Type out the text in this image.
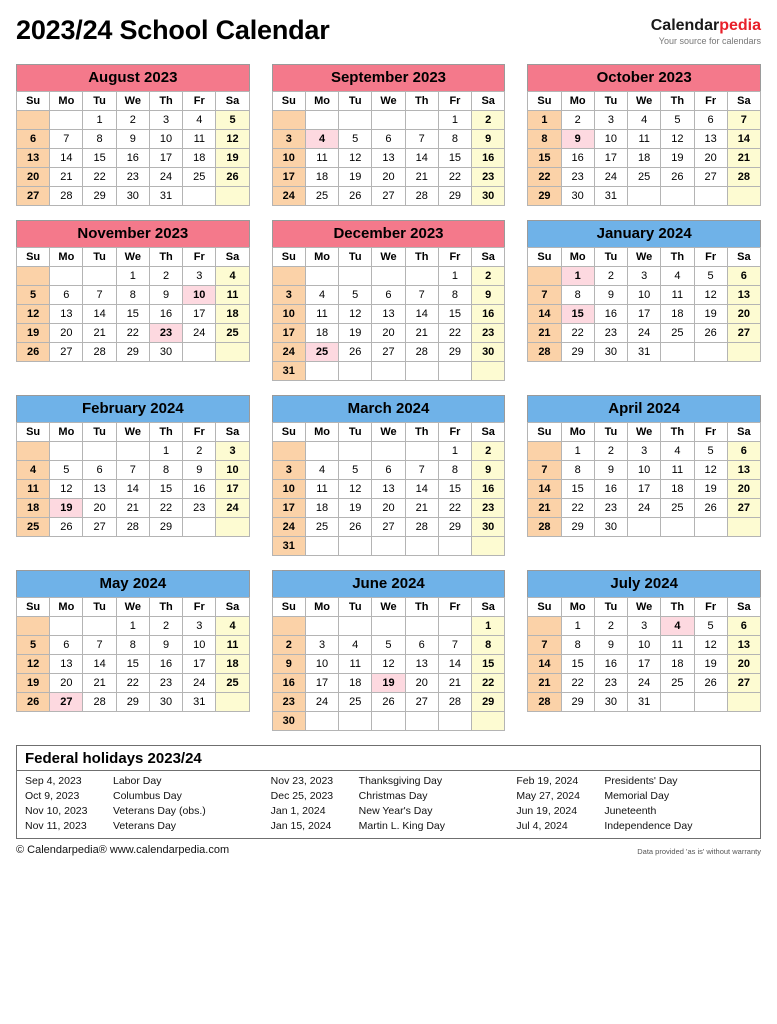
2023/24 School Calendar	Calendarpedia
Your source for calendars
August 2023
Su	Mo	Tu	We	Th	Fr	Sa
		1	2	3	4	5
6	7	8	9	10	11	12
13	14	15	16	17	18	19
20	21	22	23	24	25	26
27	28	29	30	31		
September 2023
Su	Mo	Tu	We	Th	Fr	Sa
					1	2
3	4	5	6	7	8	9
10	11	12	13	14	15	16
17	18	19	20	21	22	23
24	25	26	27	28	29	30
October 2023
Su	Mo	Tu	We	Th	Fr	Sa
1	2	3	4	5	6	7
8	9	10	11	12	13	14
15	16	17	18	19	20	21
22	23	24	25	26	27	28
29	30	31				
November 2023
Su	Mo	Tu	We	Th	Fr	Sa
			1	2	3	4
5	6	7	8	9	10	11
12	13	14	15	16	17	18
19	20	21	22	23	24	25
26	27	28	29	30		
December 2023
Su	Mo	Tu	We	Th	Fr	Sa
					1	2
3	4	5	6	7	8	9
10	11	12	13	14	15	16
17	18	19	20	21	22	23
24	25	26	27	28	29	30
31						
January 2024
Su	Mo	Tu	We	Th	Fr	Sa
	1	2	3	4	5	6
7	8	9	10	11	12	13
14	15	16	17	18	19	20
21	22	23	24	25	26	27
28	29	30	31			
February 2024
Su	Mo	Tu	We	Th	Fr	Sa
				1	2	3
4	5	6	7	8	9	10
11	12	13	14	15	16	17
18	19	20	21	22	23	24
25	26	27	28	29		
March 2024
Su	Mo	Tu	We	Th	Fr	Sa
					1	2
3	4	5	6	7	8	9
10	11	12	13	14	15	16
17	18	19	20	21	22	23
24	25	26	27	28	29	30
31						
April 2024
Su	Mo	Tu	We	Th	Fr	Sa
	1	2	3	4	5	6
7	8	9	10	11	12	13
14	15	16	17	18	19	20
21	22	23	24	25	26	27
28	29	30				
May 2024
Su	Mo	Tu	We	Th	Fr	Sa
			1	2	3	4
5	6	7	8	9	10	11
12	13	14	15	16	17	18
19	20	21	22	23	24	25
26	27	28	29	30	31	
June 2024
Su	Mo	Tu	We	Th	Fr	Sa
						1
2	3	4	5	6	7	8
9	10	11	12	13	14	15
16	17	18	19	20	21	22
23	24	25	26	27	28	29
30						
July 2024
Su	Mo	Tu	We	Th	Fr	Sa
	1	2	3	4	5	6
7	8	9	10	11	12	13
14	15	16	17	18	19	20
21	22	23	24	25	26	27
28	29	30	31			
Federal holidays 2023/24
Sep 4, 2023	Labor Day
Oct 9, 2023	Columbus Day
Nov 10, 2023	Veterans Day (obs.)
Nov 11, 2023	Veterans Day
Nov 23, 2023	Thanksgiving Day
Dec 25, 2023	Christmas Day
Jan 1, 2024	New Year's Day
Jan 15, 2024	Martin L. King Day
Feb 19, 2024	Presidents' Day
May 27, 2024	Memorial Day
Jun 19, 2024	Juneteenth
Jul 4, 2024	Independence Day
© Calendarpedia® www.calendarpedia.com	Data provided 'as is' without warranty
